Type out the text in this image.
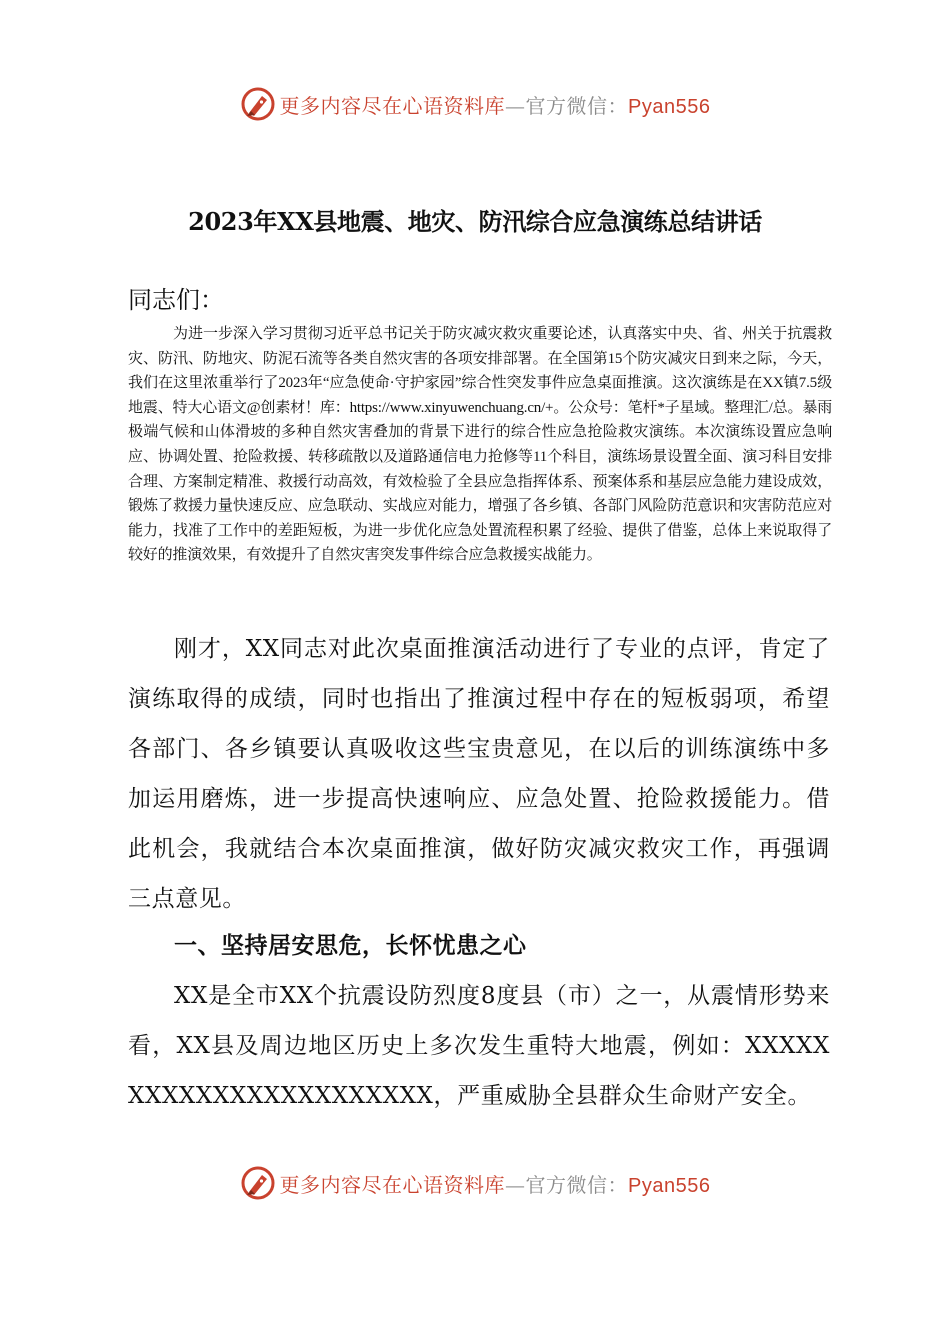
更多内容尽在心语资料库—官方微信：Pyan556
2023年XX县地震、地灾、防汛综合应急演练总结讲话
同志们：
为进一步深入学习贯彻习近平总书记关于防灾减灾救灾重要论述，认真落实中央、省、州关于抗震救灾、防汛、防地灾、防泥石流等各类自然灾害的各项安排部署。在全国第15个防灾减灾日到来之际，今天，我们在这里浓重举行了2023年“应急使命·守护家园”综合性突发事件应急桌面推演。这次演练是在XX镇7.5级地震、特大心语文@创素材！库：https://www.xinyuwenchuang.cn/+。公众号：笔杆*子星域。整理汇/总。暴雨极端气候和山体滑坡的多种自然灾害叠加的背景下进行的综合性应急抢险救灾演练。本次演练设置应急响应、协调处置、抢险救援、转移疏散以及道路通信电力抢修等11个科目，演练场景设置全面、演习科目安排合理、方案制定精准、救援行动高效，有效检验了全县应急指挥体系、预案体系和基层应急能力建设成效，锻炼了救援力量快速反应、应急联动、实战应对能力，增强了各乡镇、各部门风险防范意识和灾害防范应对能力，找准了工作中的差距短板，为进一步优化应急处置流程积累了经验、提供了借鉴，总体上来说取得了较好的推演效果，有效提升了自然灾害突发事件综合应急救援实战能力。
刚才，XX同志对此次桌面推演活动进行了专业的点评，肯定了演练取得的成绩，同时也指出了推演过程中存在的短板弱项，希望各部门、各乡镇要认真吸收这些宝贵意见，在以后的训练演练中多加运用磨炼，进一步提高快速响应、应急处置、抢险救援能力。借此机会，我就结合本次桌面推演，做好防灾减灾救灾工作，再强调三点意见。
一、坚持居安思危，长怀忧患之心
XX是全市XX个抗震设防烈度8度县（市）之一，从震情形势来看，XX县及周边地区历史上多次发生重特大地震，例如：XXXXXXXXXXXXXXXXXXXXXXX，严重威胁全县群众生命财产安全。
更多内容尽在心语资料库—官方微信：Pyan556
